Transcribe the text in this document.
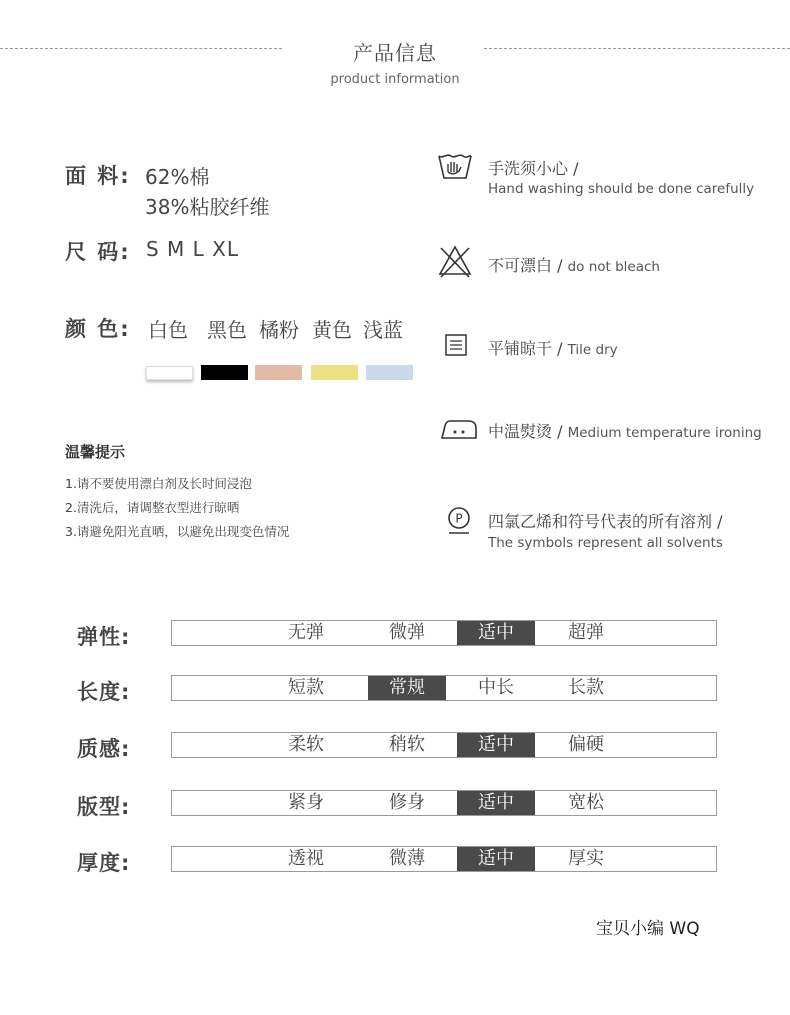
产品信息
product information
面 料: 62%棉
38%粘胶纤维
尺 码: S M L XL
颜 色: 白色 黑色 橘粉 黄色 浅蓝
温馨提示
1.请不要使用漂白剂及长时间浸泡
2.清洗后，请调整衣型进行晾晒
3.请避免阳光直晒，以避免出现变色情况
手洗须小心 /
Hand washing should be done carefully
不可漂白 / do not bleach
平铺晾干 / Tile dry
中温熨烫 / Medium temperature ironing
P 四氯乙烯和符号代表的所有溶剂 /
The symbols represent all solvents
弹性:	无弹	微弹	适中	超弹
长度:	短款	常规	中长	长款
质感:	柔软	稍软	适中	偏硬
版型:	紧身	修身	适中	宽松
厚度:	透视	微薄	适中	厚实
宝贝小编 WQ
